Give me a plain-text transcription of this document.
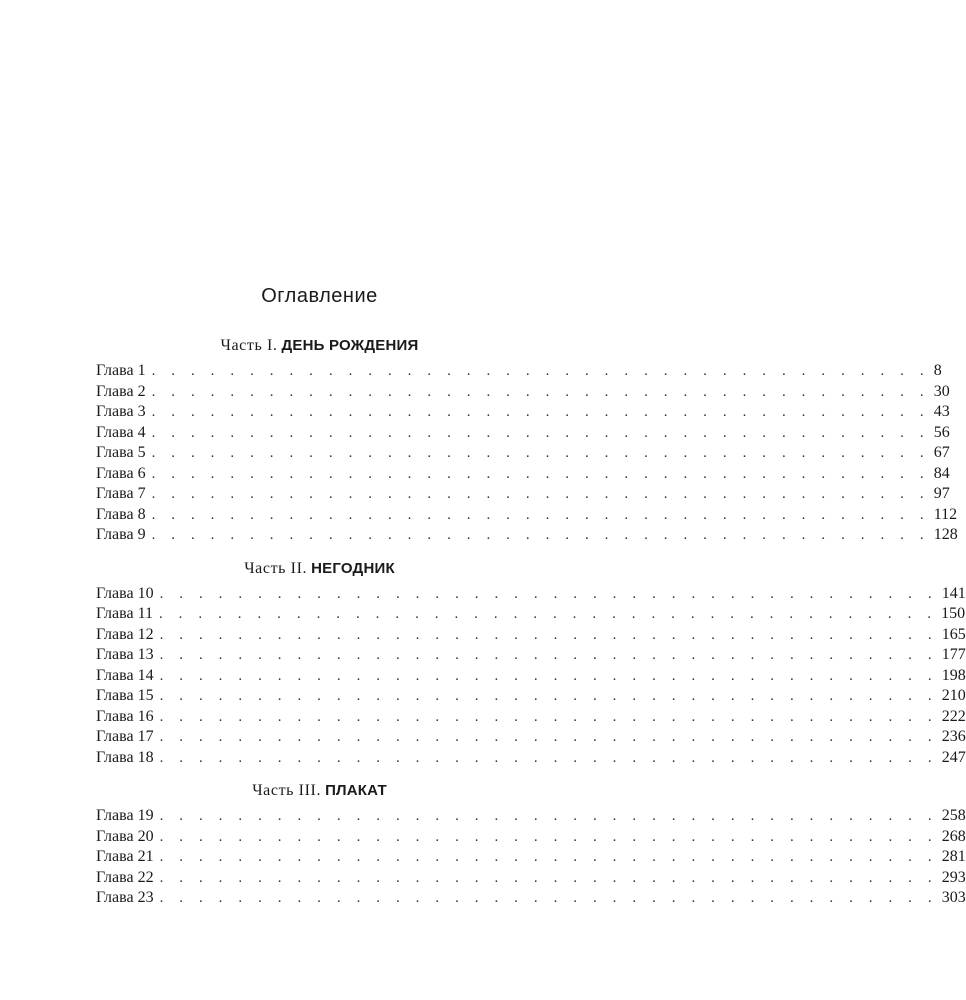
Оглавление
Часть I. ДЕНЬ РОЖДЕНИЯ
Глава 1 . . . . . . . . . . . . . . . . . . . . . . . . . . . . . . . . . . . . . . . . 8
Глава 2 . . . . . . . . . . . . . . . . . . . . . . . . . . . . . . . . . . . . . . . . 30
Глава 3 . . . . . . . . . . . . . . . . . . . . . . . . . . . . . . . . . . . . . . . . 43
Глава 4 . . . . . . . . . . . . . . . . . . . . . . . . . . . . . . . . . . . . . . . . 56
Глава 5 . . . . . . . . . . . . . . . . . . . . . . . . . . . . . . . . . . . . . . . . 67
Глава 6 . . . . . . . . . . . . . . . . . . . . . . . . . . . . . . . . . . . . . . . . 84
Глава 7 . . . . . . . . . . . . . . . . . . . . . . . . . . . . . . . . . . . . . . . . 97
Глава 8 . . . . . . . . . . . . . . . . . . . . . . . . . . . . . . . . . . . . . . . . 112
Глава 9 . . . . . . . . . . . . . . . . . . . . . . . . . . . . . . . . . . . . . . . . 128
Часть II. НЕГОДНИК
Глава 10 . . . . . . . . . . . . . . . . . . . . . . . . . . . . . . . . . . . . . . . . 141
Глава 11 . . . . . . . . . . . . . . . . . . . . . . . . . . . . . . . . . . . . . . . . 150
Глава 12 . . . . . . . . . . . . . . . . . . . . . . . . . . . . . . . . . . . . . . . . 165
Глава 13 . . . . . . . . . . . . . . . . . . . . . . . . . . . . . . . . . . . . . . . . 177
Глава 14 . . . . . . . . . . . . . . . . . . . . . . . . . . . . . . . . . . . . . . . . 198
Глава 15 . . . . . . . . . . . . . . . . . . . . . . . . . . . . . . . . . . . . . . . . 210
Глава 16 . . . . . . . . . . . . . . . . . . . . . . . . . . . . . . . . . . . . . . . . 222
Глава 17 . . . . . . . . . . . . . . . . . . . . . . . . . . . . . . . . . . . . . . . . 236
Глава 18 . . . . . . . . . . . . . . . . . . . . . . . . . . . . . . . . . . . . . . . . 247
Часть III. ПЛАКАТ
Глава 19 . . . . . . . . . . . . . . . . . . . . . . . . . . . . . . . . . . . . . . . . 258
Глава 20 . . . . . . . . . . . . . . . . . . . . . . . . . . . . . . . . . . . . . . . . 268
Глава 21 . . . . . . . . . . . . . . . . . . . . . . . . . . . . . . . . . . . . . . . . 281
Глава 22 . . . . . . . . . . . . . . . . . . . . . . . . . . . . . . . . . . . . . . . . 293
Глава 23 . . . . . . . . . . . . . . . . . . . . . . . . . . . . . . . . . . . . . . . . 303
